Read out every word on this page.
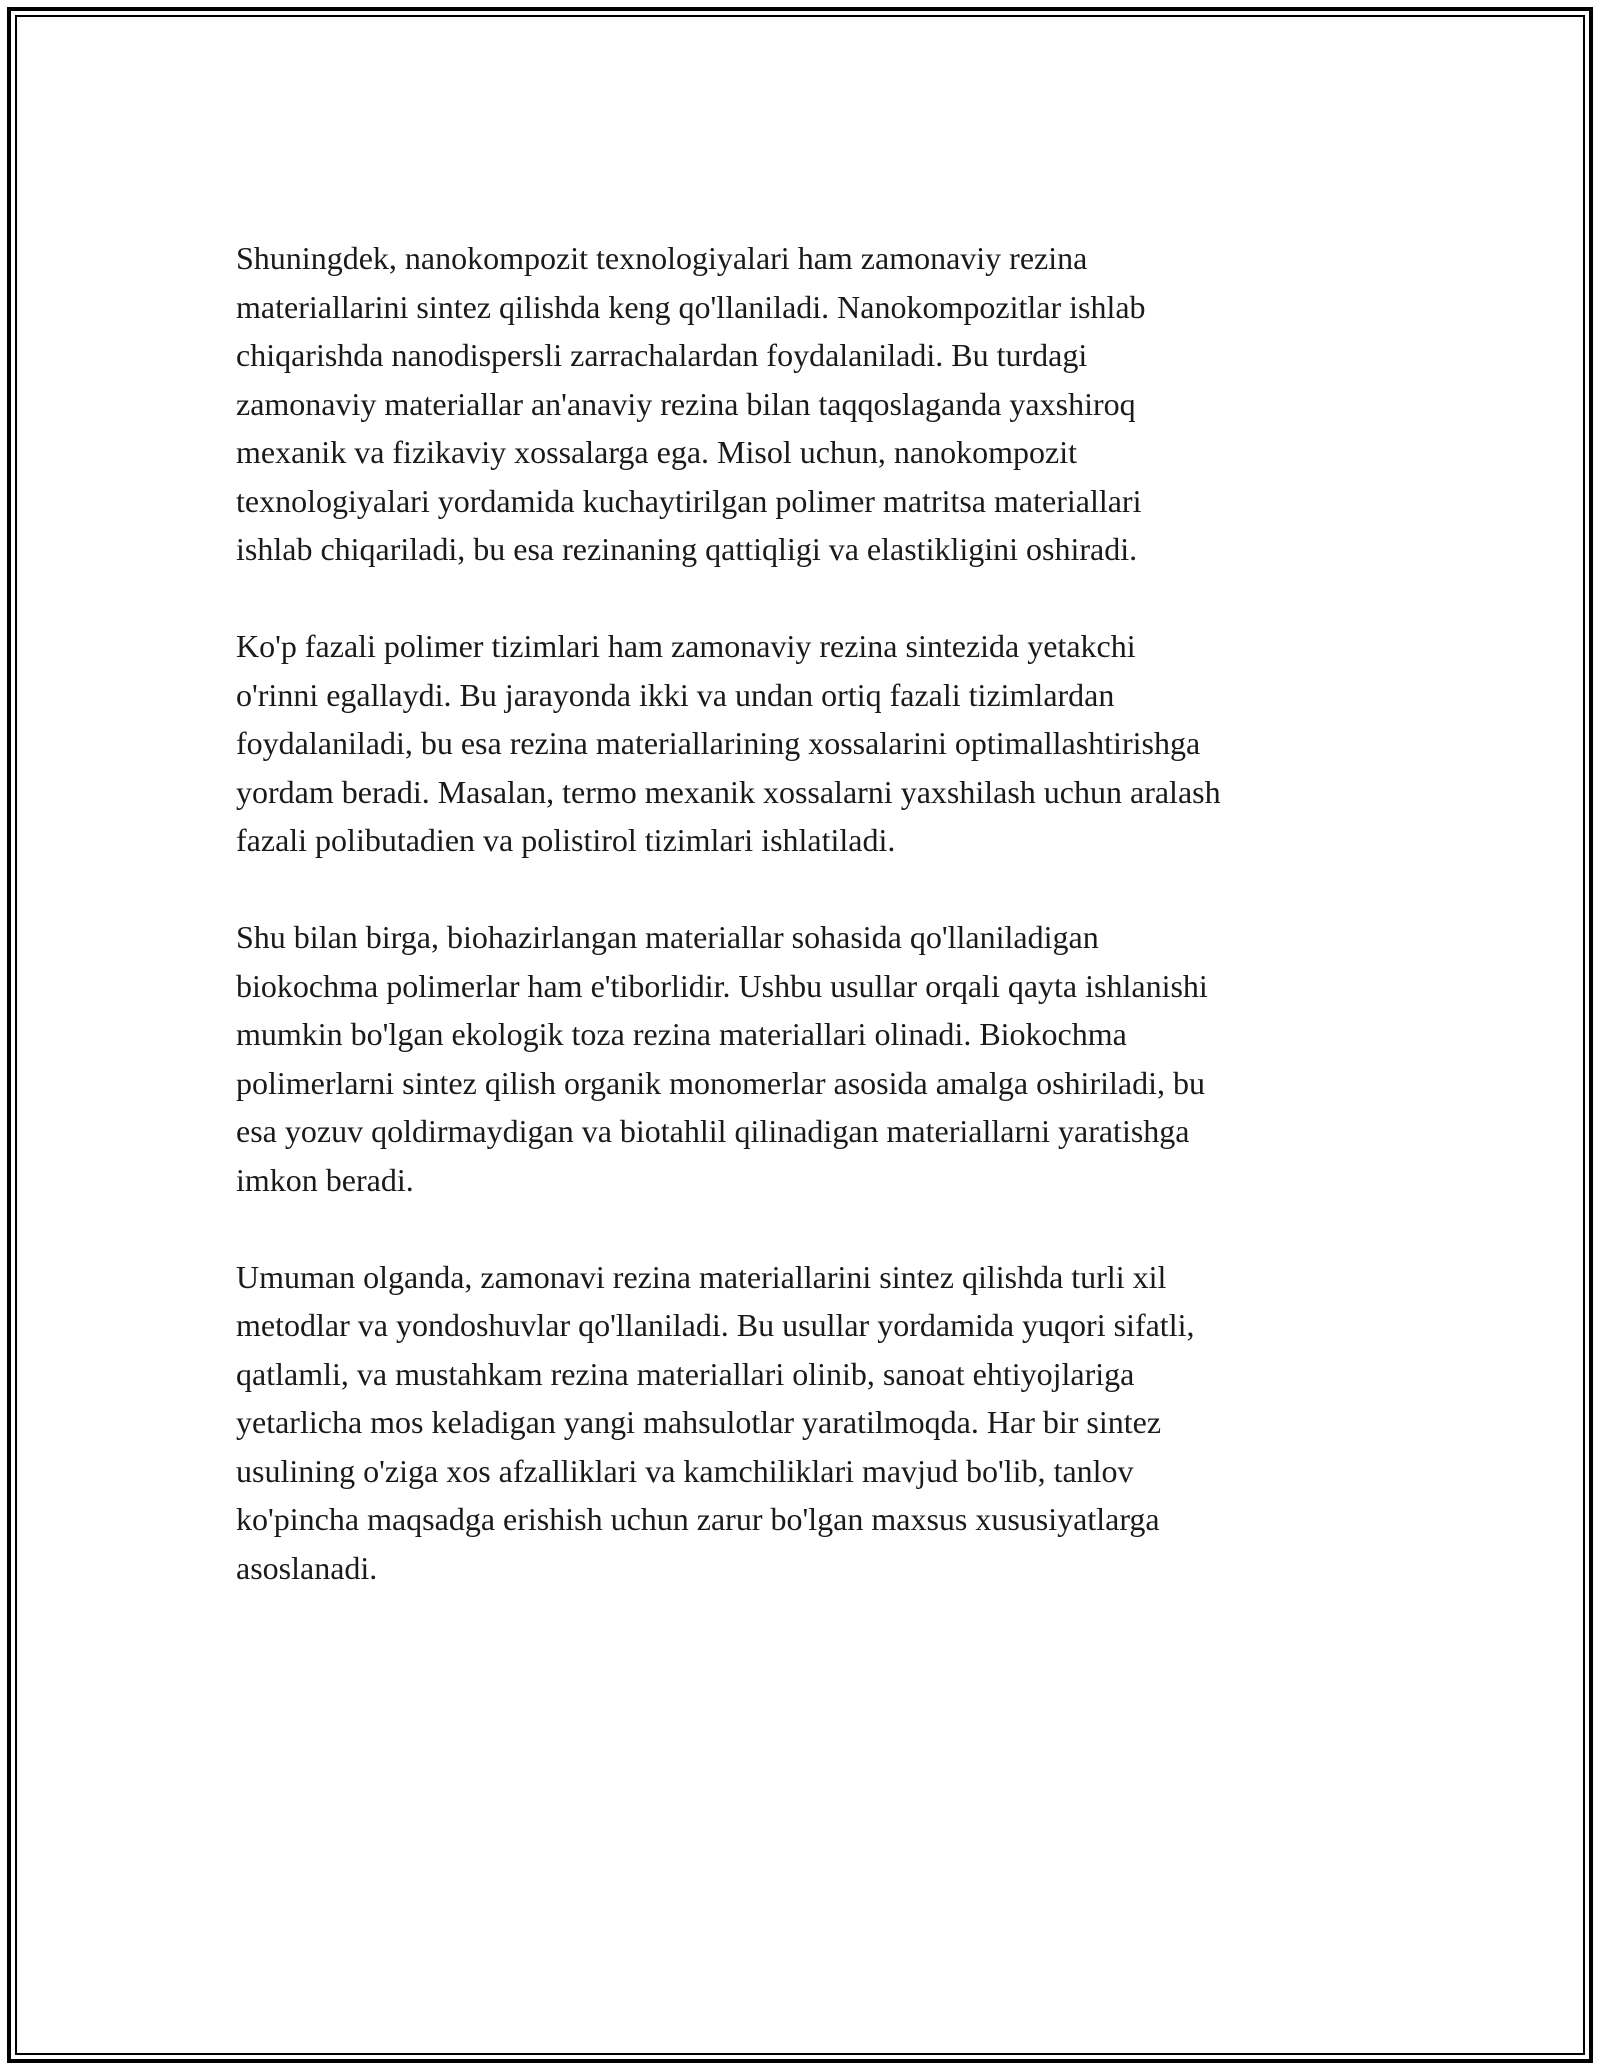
Shuningdek, nanokompozit texnologiyalari ham zamonaviy rezina
materiallarini sintez qilishda keng qo'llaniladi. Nanokompozitlar ishlab
chiqarishda nanodispersli zarrachalardan foydalaniladi. Bu turdagi
zamonaviy materiallar an'anaviy rezina bilan taqqoslaganda yaxshiroq
mexanik va fizikaviy xossalarga ega. Misol uchun, nanokompozit
texnologiyalari yordamida kuchaytirilgan polimer matritsa materiallari
ishlab chiqariladi, bu esa rezinaning qattiqligi va elastikligini oshiradi.

Ko'p fazali polimer tizimlari ham zamonaviy rezina sintezida yetakchi
o'rinni egallaydi. Bu jarayonda ikki va undan ortiq fazali tizimlardan
foydalaniladi, bu esa rezina materiallarining xossalarini optimallashtirishga
yordam beradi. Masalan, termo mexanik xossalarni yaxshilash uchun aralash
fazali polibutadien va polistirol tizimlari ishlatiladi.

Shu bilan birga, biohazirlangan materiallar sohasida qo'llaniladigan
biokochma polimerlar ham e'tiborlidir. Ushbu usullar orqali qayta ishlanishi
mumkin bo'lgan ekologik toza rezina materiallari olinadi. Biokochma
polimerlarni sintez qilish organik monomerlar asosida amalga oshiriladi, bu
esa yozuv qoldirmaydigan va biotahlil qilinadigan materiallarni yaratishga
imkon beradi.

Umuman olganda, zamonavi rezina materiallarini sintez qilishda turli xil
metodlar va yondoshuvlar qo'llaniladi. Bu usullar yordamida yuqori sifatli,
qatlamli, va mustahkam rezina materiallari olinib, sanoat ehtiyojlariga
yetarlicha mos keladigan yangi mahsulotlar yaratilmoqda. Har bir sintez
usulining o'ziga xos afzalliklari va kamchiliklari mavjud bo'lib, tanlov
ko'pincha maqsadga erishish uchun zarur bo'lgan maxsus xususiyatlarga
asoslanadi.
